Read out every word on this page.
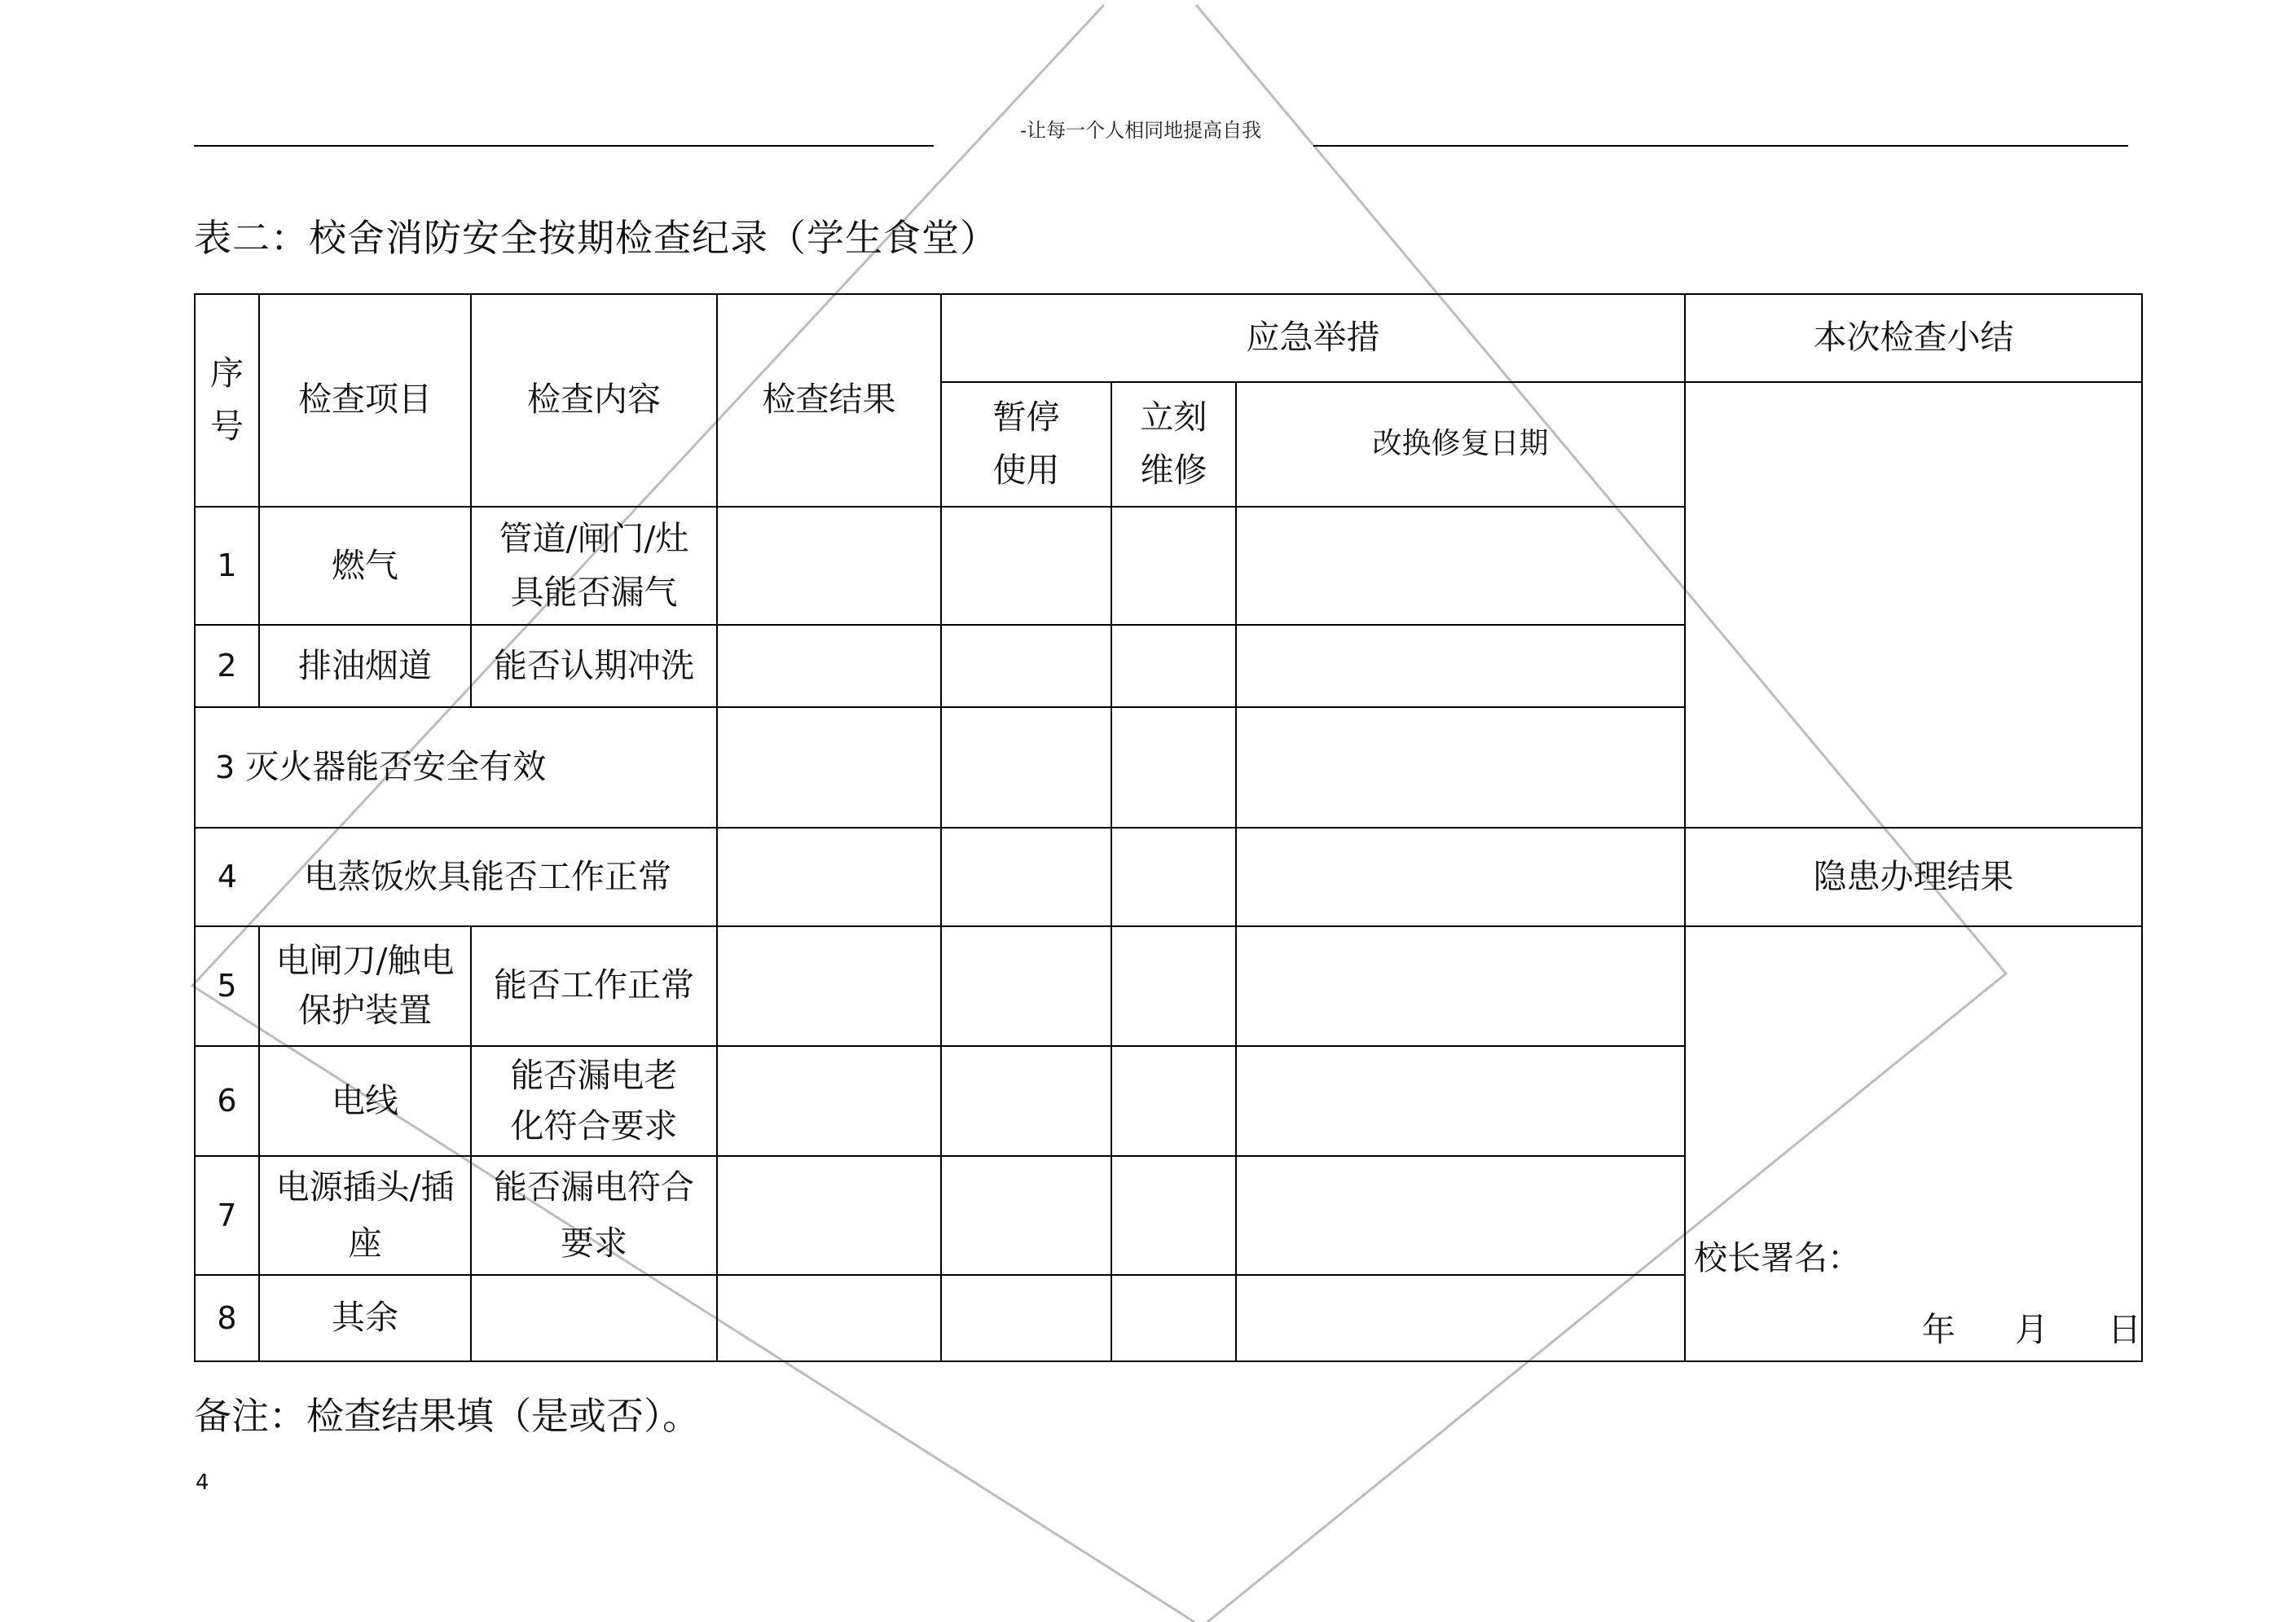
-让每一个人相同地提高自我
表二：校舍消防安全按期检查纪录（学生食堂）
序号	检查项目	检查内容	检查结果	应急举措			本次检查小结
				暂停使用	立刻维修	改换修复日期	
1	燃气	管道/闸门/灶具能否漏气					
2	排油烟道	能否认期冲洗					
3 灭火器能否安全有效							
4	电蒸饭炊具能否工作正常						隐患办理结果
5	电闸刀/触电保护装置	能否工作正常					校长署名：
年 月 日

6	电线	能否漏电老化符合要求					
7	电源插头/插座	能否漏电符合要求					
8	其余						
备注：检查结果填（是或否）。
4
